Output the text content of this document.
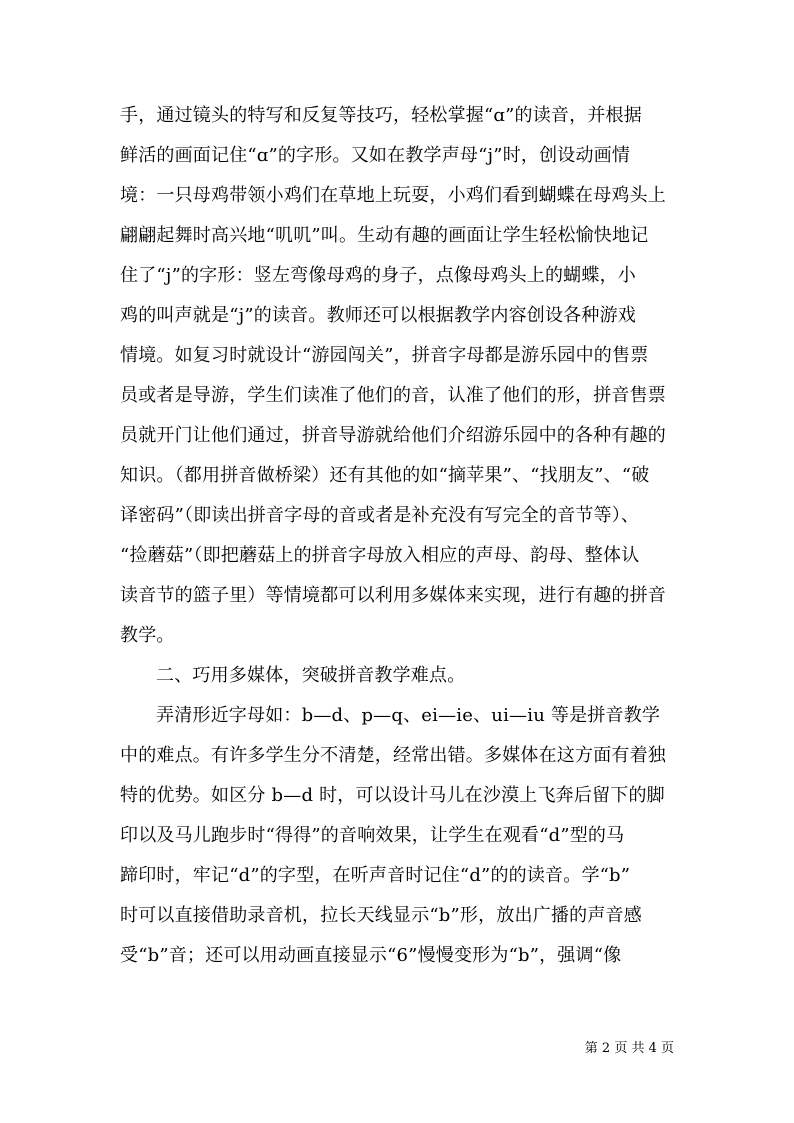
手，通过镜头的特写和反复等技巧，轻松掌握“ɑ”的读音，并根据
鲜活的画面记住“ɑ”的字形。又如在教学声母“j”时，创设动画情
境：一只母鸡带领小鸡们在草地上玩耍，小鸡们看到蝴蝶在母鸡头上
翩翩起舞时高兴地“叽叽”叫。生动有趣的画面让学生轻松愉快地记
住了“j”的字形：竖左弯像母鸡的身子，点像母鸡头上的蝴蝶，小
鸡的叫声就是“j”的读音。教师还可以根据教学内容创设各种游戏
情境。如复习时就设计“游园闯关”，拼音字母都是游乐园中的售票
员或者是导游，学生们读准了他们的音，认准了他们的形，拼音售票
员就开门让他们通过，拼音导游就给他们介绍游乐园中的各种有趣的
知识。（都用拼音做桥梁）还有其他的如“摘苹果”、“找朋友”、“破
译密码”（即读出拼音字母的音或者是补充没有写完全的音节等）、
“捡蘑菇”（即把蘑菇上的拼音字母放入相应的声母、韵母、整体认
读音节的篮子里）等情境都可以利用多媒体来实现，进行有趣的拼音
教学。

二、巧用多媒体，突破拼音教学难点。

弄清形近字母如：b—d、p—q、ei—ie、ui—iu 等是拼音教学
中的难点。有许多学生分不清楚，经常出错。多媒体在这方面有着独
特的优势。如区分 b—d 时，可以设计马儿在沙漠上飞奔后留下的脚
印以及马儿跑步时“得得”的音响效果，让学生在观看“d”型的马
蹄印时，牢记“d”的字型，在听声音时记住“d”的的读音。学“b”
时可以直接借助录音机，拉长天线显示“b”形，放出广播的声音感
受“b”音；还可以用动画直接显示“6”慢慢变形为“b”，强调“像

第 2 页 共 4 页
